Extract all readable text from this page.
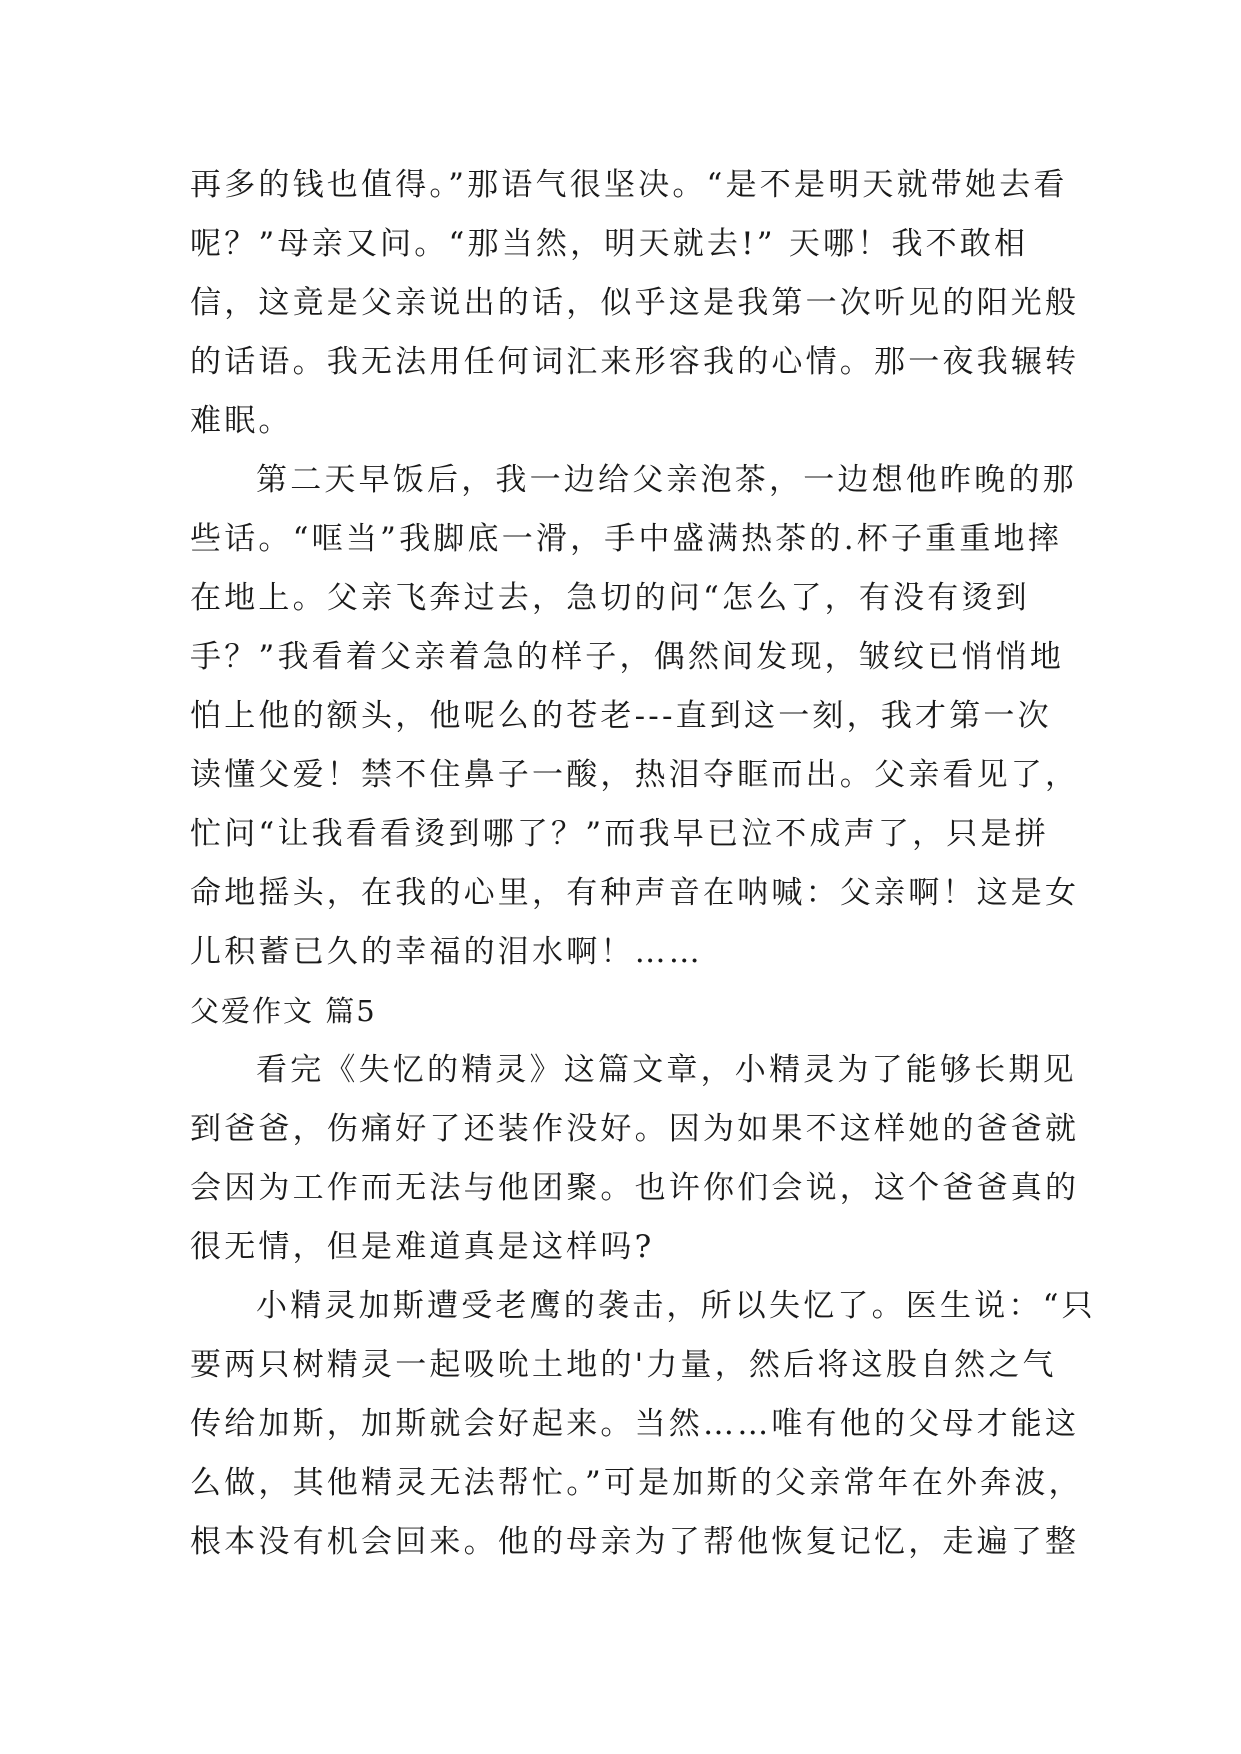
再多的钱也值得。”那语气很坚决。“是不是明天就带她去看
呢？”母亲又问。“那当然，明天就去!” 天哪！我不敢相
信，这竟是父亲说出的话，似乎这是我第一次听见的阳光般
的话语。我无法用任何词汇来形容我的心情。那一夜我辗转
难眠。
第二天早饭后，我一边给父亲泡茶，一边想他昨晚的那
些话。“哐当”我脚底一滑，手中盛满热茶的.杯子重重地摔
在地上。父亲飞奔过去，急切的问“怎么了，有没有烫到
手？”我看着父亲着急的样子，偶然间发现，皱纹已悄悄地
怕上他的额头，他呢么的苍老---直到这一刻，我才第一次
读懂父爱！禁不住鼻子一酸，热泪夺眶而出。父亲看见了，
忙问“让我看看烫到哪了？”而我早已泣不成声了，只是拼
命地摇头，在我的心里，有种声音在呐喊：父亲啊！这是女
儿积蓄已久的幸福的泪水啊！……
父爱作文 篇5
看完《失忆的精灵》这篇文章，小精灵为了能够长期见
到爸爸，伤痛好了还装作没好。因为如果不这样她的爸爸就
会因为工作而无法与他团聚。也许你们会说，这个爸爸真的
很无情，但是难道真是这样吗?
小精灵加斯遭受老鹰的袭击，所以失忆了。医生说：“只
要两只树精灵一起吸吮土地的'力量，然后将这股自然之气
传给加斯，加斯就会好起来。当然……唯有他的父母才能这
么做，其他精灵无法帮忙。”可是加斯的父亲常年在外奔波，
根本没有机会回来。他的母亲为了帮他恢复记忆，走遍了整
